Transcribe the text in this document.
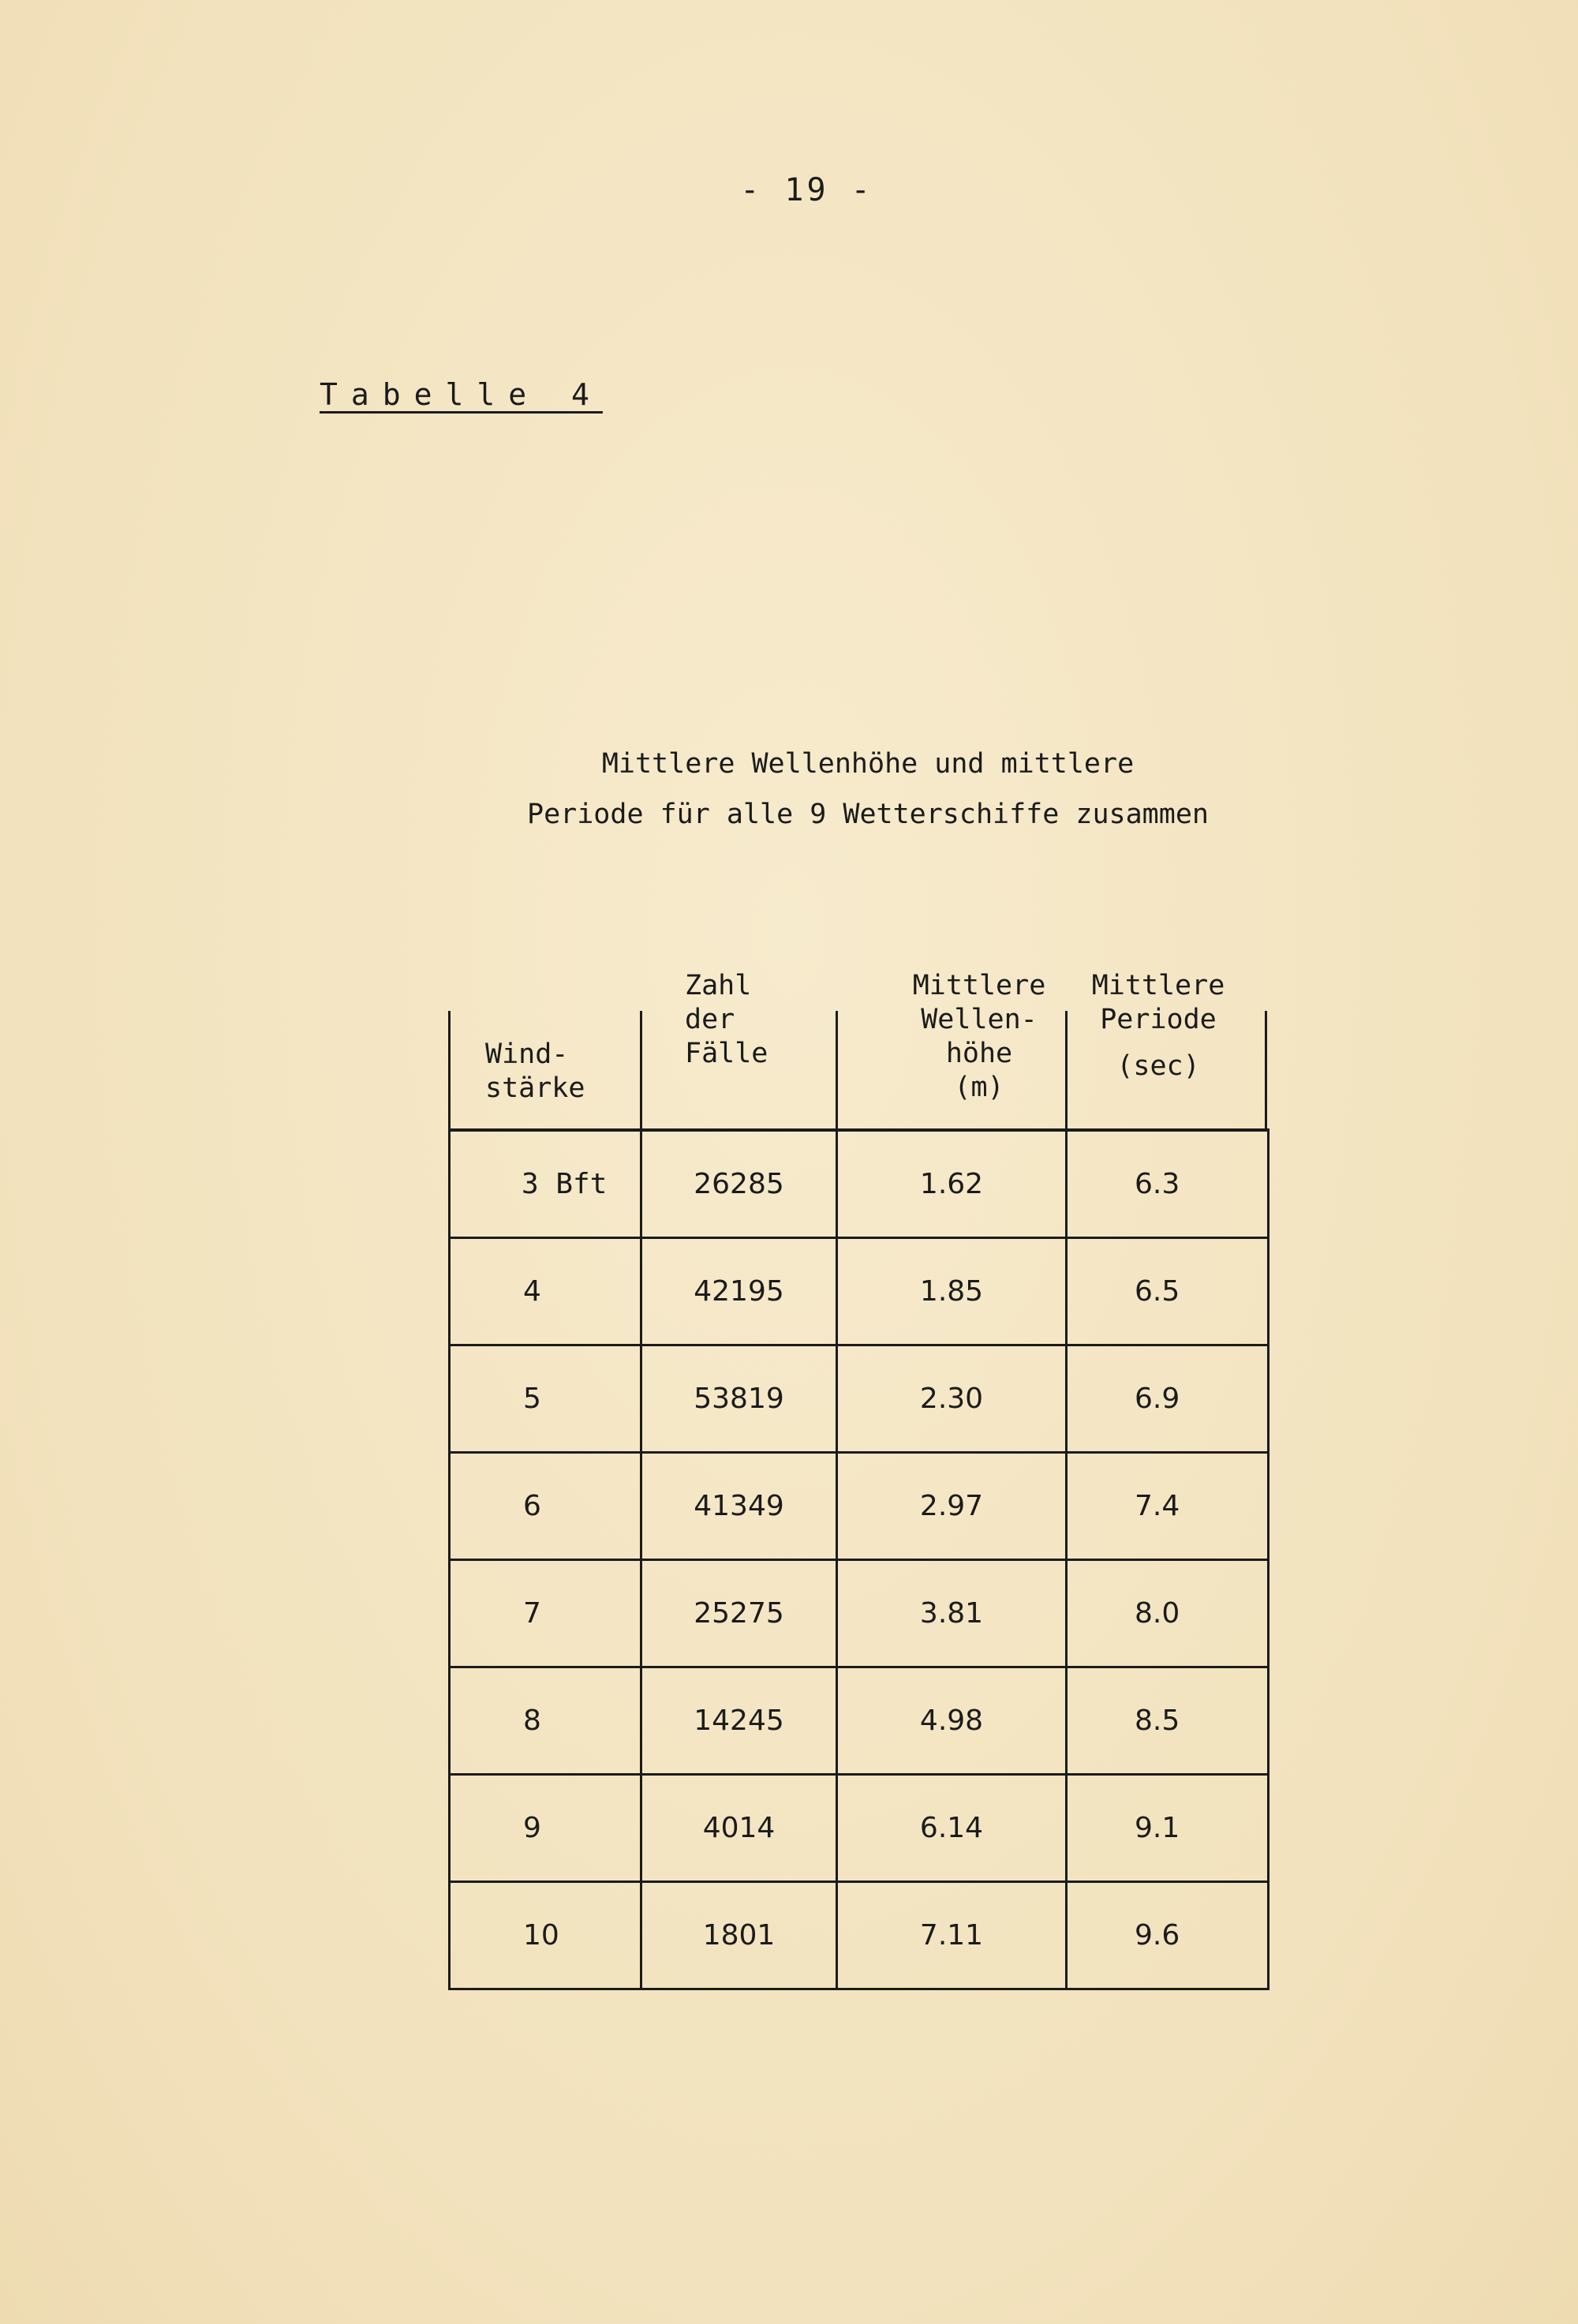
- 19 -
Tabelle 4
Mittlere Wellenhöhe und mittlere
Periode für alle 9 Wetterschiffe zusammen
Wind-
stärke
Zahl
der
Fälle
Mittlere
Wellen-
höhe
(m)
Mittlere
Periode
(sec)
3 Bft	26285	1.62	6.3
4	42195	1.85	6.5
5	53819	2.30	6.9
6	41349	2.97	7.4
7	25275	3.81	8.0
8	14245	4.98	8.5
9	4014	6.14	9.1
10	1801	7.11	9.6
